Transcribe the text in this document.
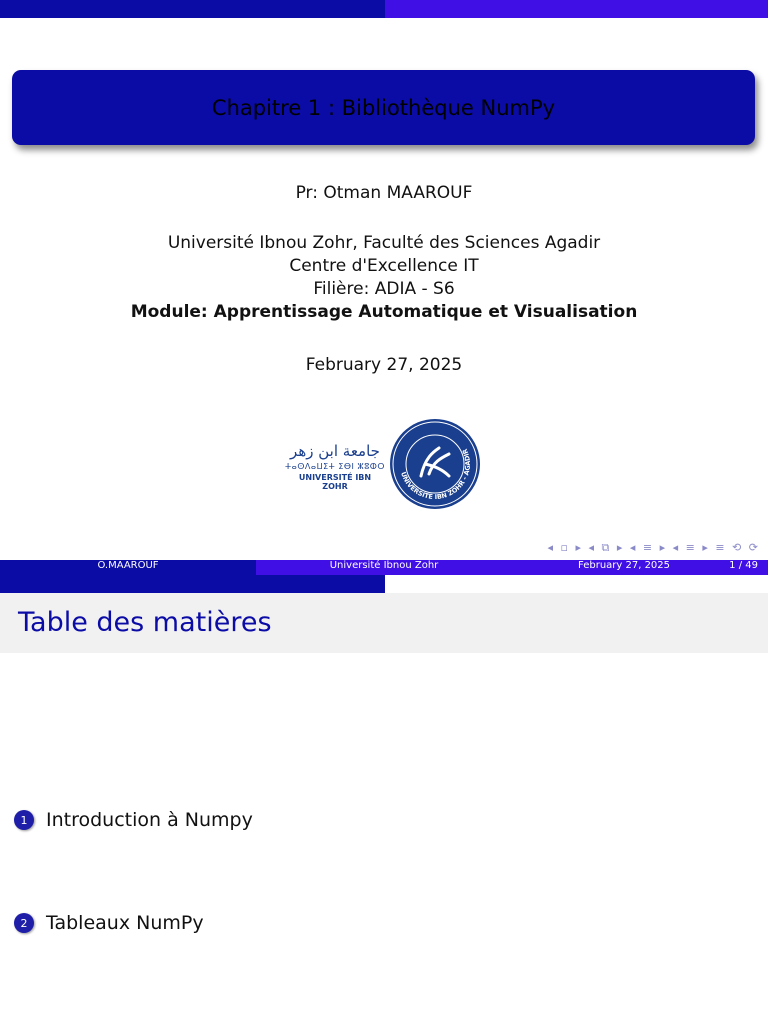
Chapitre 1 : Bibliothèque NumPy
Pr: Otman MAAROUF
Université Ibnou Zohr, Faculté des Sciences Agadir
Centre d'Excellence IT
Filière: ADIA - S6
Module: Apprentissage Automatique et Visualisation
February 27, 2025
جامعة ابن زهر
ⵜⴰⵙⴷⴰⵡⵉⵜ ⵉⴱⵏ ⵣⵓⵀⵔ
UNIVERSITÉ IBN ZOHR
UNIVERSITÉ IBN ZOHR - AGADIR
◂ ▫ ▸ ◂ ⧉ ▸ ◂ ≡ ▸ ◂ ≡ ▸ ≡ ⟲ ⟳
O.MAAROUF	Université Ibnou Zohr	February 27, 2025	1 / 49
Table des matières
1 Introduction à Numpy
2 Tableaux NumPy
